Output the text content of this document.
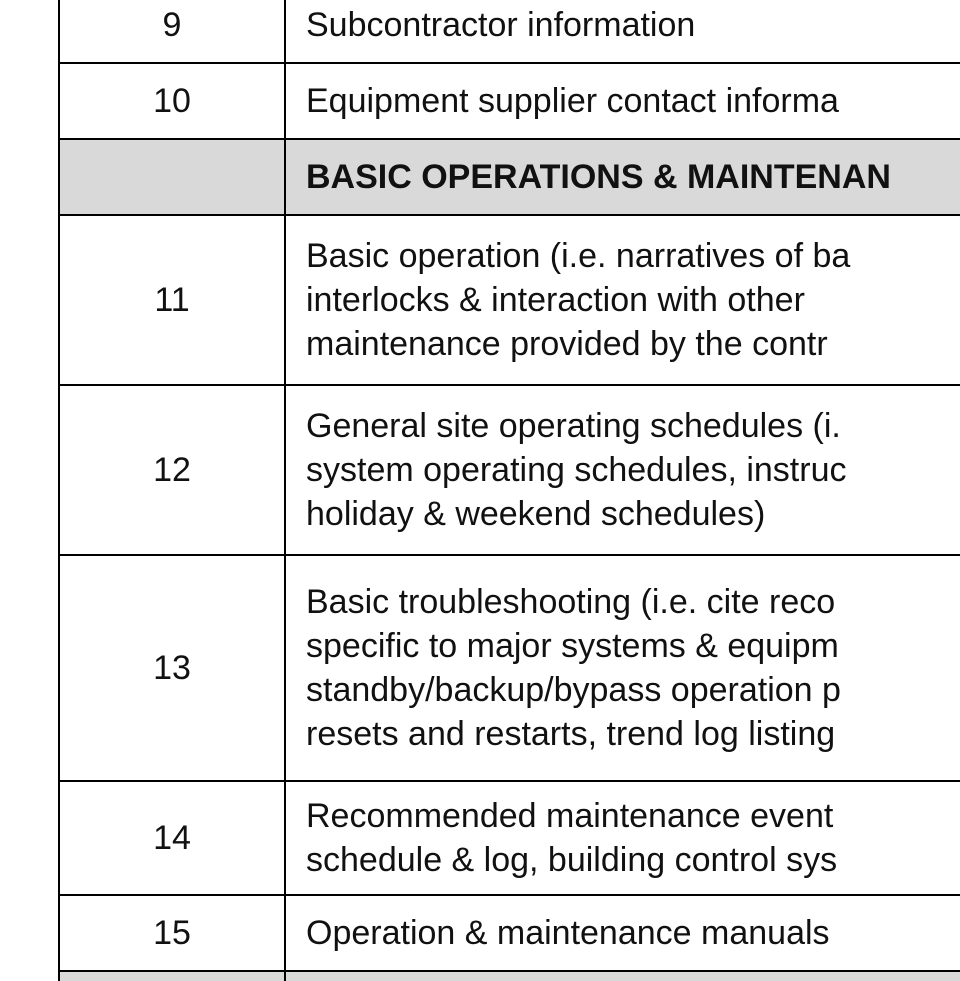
9	Subcontractor information

10	Equipment supplier contact informa

	BASIC OPERATIONS & MAINTENAN

11	Basic operation (i.e. narratives of ba
interlocks & interaction with other
maintenance provided by the contr

12	General site operating schedules (i.
system operating schedules, instruc
holiday & weekend schedules)

13	Basic troubleshooting (i.e. cite reco
specific to major systems & equipm
standby/backup/bypass operation p
resets and restarts, trend log listing

14	Recommended maintenance event
schedule & log, building control sys

15	Operation & maintenance manuals
